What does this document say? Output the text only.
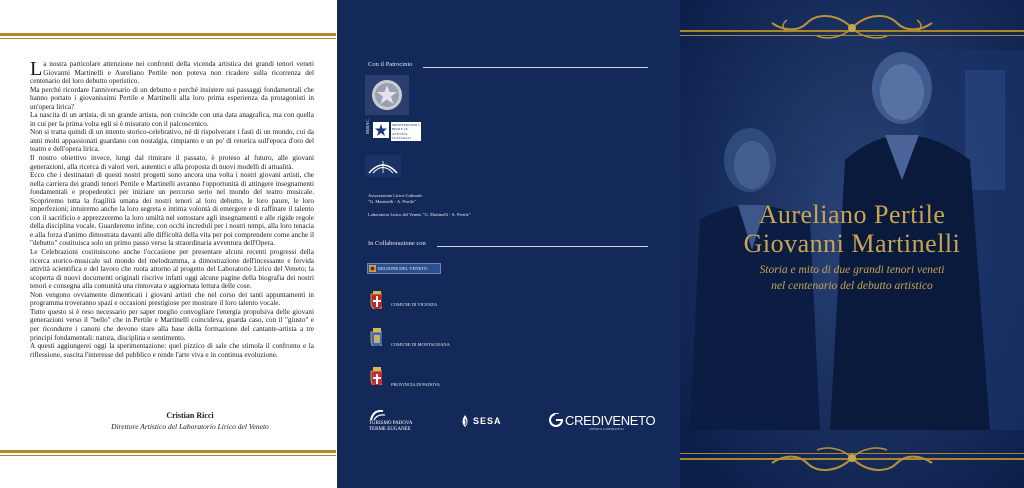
La nostra particolare attenzione nei confronti della vicenda artistica dei grandi tenori veneti Giovanni Martinelli e Aureliano Pertile non poteva non ricadere sulla ricorrenza del centenario del loro debutto operistico.

Ma perché ricordare l'anniversario di un debutto e perché insistere sui passaggi fondamentali che hanno portato i giovanissimi Pertile e Martinelli alla loro prima esperienza da protagonisti in un'opera lirica?

La nascita di un artista, di un grande artista, non coincide con una data anagrafica, ma con quella in cui per la prima volta egli si è misurato con il palcoscenico.

Non si tratta quindi di un intento storico-celebrativo, né di rispolverare i fasti di un mondo, cui da anni molti appassionati guardano con nostalgia, rimpianto e un po' di retorica sull'epoca d'oro del teatro e dell'opera lirica.

Il nostro obiettivo invece, lungi dal rimirare il passato, è proteso al futuro, alle giovani generazioni, alla ricerca di valori veri, autentici e alla proposta di nuovi modelli di attualità.

Ecco che i destinatari di questi nostri progetti sono ancora una volta i nostri giovani artisti, che nella carriera dei grandi tenori Pertile e Martinelli avranno l'opportunità di attingere insegnamenti fondamentali e propedeutici per iniziare un percorso serio nel mondo del teatro musicale. Scopriremo tutta la fragilità umana dei nostri tenori al loro debutto, le loro paure, le loro imperfezioni; intuiremo anche la loro segreta e intima volontà di emergere e di raffinare il talento con il sacrificio e apprezzeremo la loro umiltà nel sottostare agli insegnamenti e alle rigide regole della disciplina vocale. Guarderemo infine, con occhi increduli per i nostri tempi, alla loro tenacia e alla forza d'animo dimostrata davanti alle difficoltà della vita per poi comprendere come anche il "debutto" costituisca solo un primo passo verso la straordinaria avventura dell'Opera.

Le Celebrazioni costituiscono anche l'occasione per presentare alcuni recenti progressi della ricerca storico-musicale sul mondo del melodramma, a dimostrazione dell'incessante e fervida attività scientifica e del lavoro che ruota attorno al progetto del Laboratorio Lirico del Veneto; la scoperta di nuovi documenti originali riscrive infatti oggi alcune pagine della biografia dei nostri tenori e consegna alla comunità una rinnovata e aggiornata lettura delle cose.

Non vengono ovviamente dimenticati i giovani artisti che nel corso dei tanti appuntamenti in programma troveranno spazi e occasioni prestigiose per mostrare il loro talento vocale.

Tutto questo si è reso necessario per saper meglio convogliare l'energia propulsiva delle giovani generazioni verso il "bello" che in Pertile e Martinelli coincideva, guarda caso, con il "giusto" e per ricondurre i canoni che devono stare alla base della formazione del cantante-artista a tre principi fondamentali: natura, disciplina e sentimento.

A questi aggiungerei oggi la sperimentazione: quel pizzico di sale che stimola il confronto e la riflessione, suscita l'interesse del pubblico e rende l'arte viva e in continua evoluzione.

Cristian Ricci
Direttore Artistico del Laboratorio Lirico del Veneto
Con il Patrocinio
MiBAC	MINISTERO PER I BENI E LE ATTIVITÀ CULTURALI
Associazione Lirico-Culturale
"G. Martinelli - A. Pertile"
Laboratorio Lirico del Veneto "G. Martinelli - A. Pertile"
In Collaborazione con
REGIONE DEL VENETO
COMUNE DI VICENZA
COMUNE DI MONTAGNANA
PROVINCIA DI PADOVA
TURISMO PADOVA
TERME EUGANEE
SESA	CREDIVENETO
CREDITO COOPERATIVO
Aureliano Pertile
Giovanni Martinelli
Storia e mito di due grandi tenori veneti
nel centenario del debutto artistico
